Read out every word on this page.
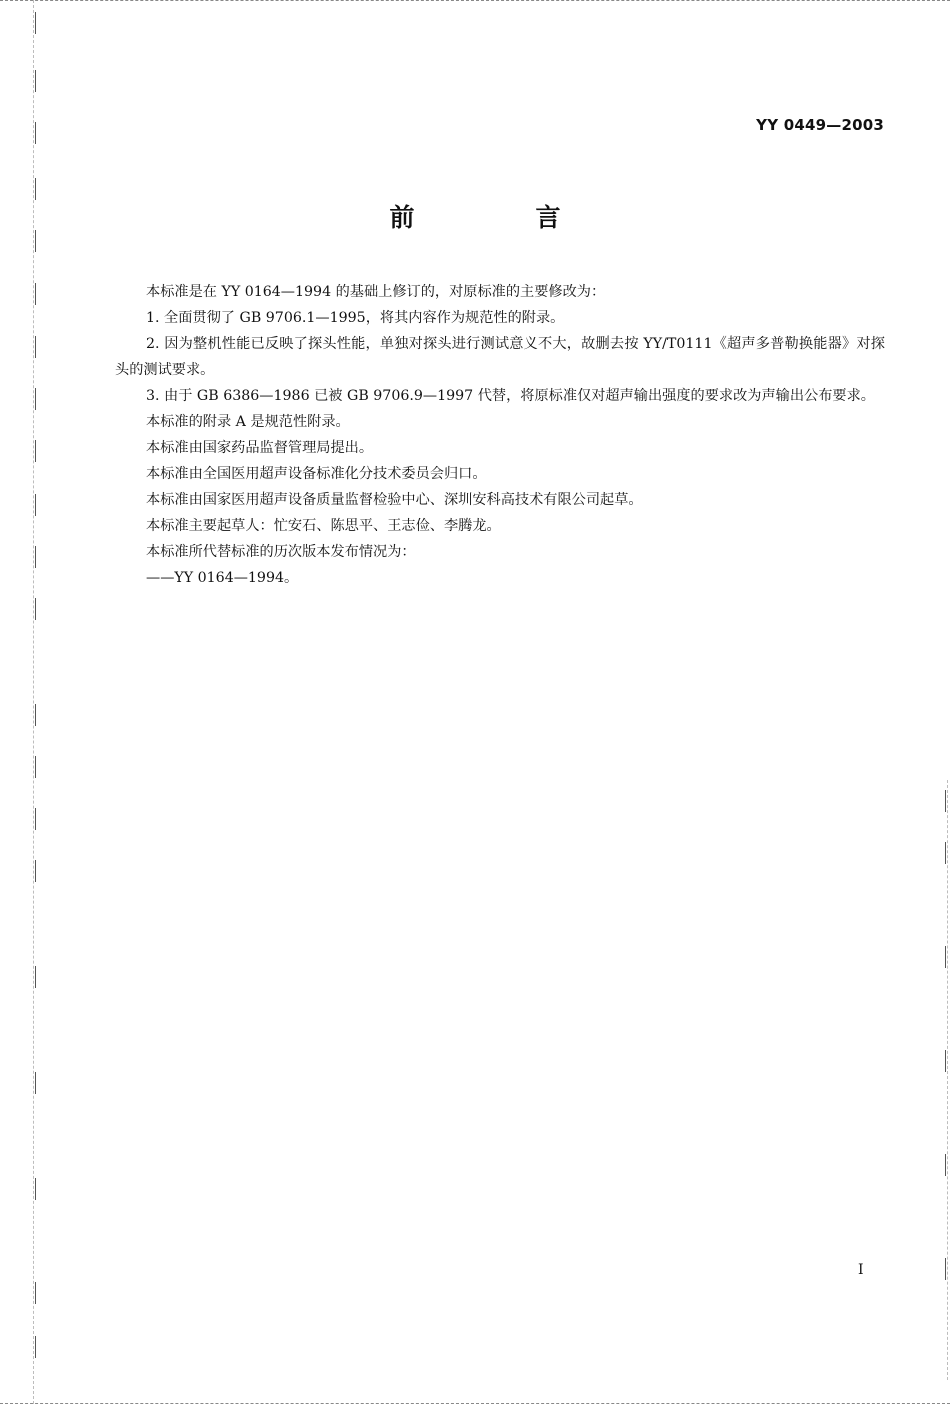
YY 0449—2003
前　言

本标准是在 YY 0164—1994 的基础上修订的，对原标准的主要修改为：

1. 全面贯彻了 GB 9706.1—1995，将其内容作为规范性的附录。

2. 因为整机性能已反映了探头性能，单独对探头进行测试意义不大，故删去按 YY/T0111《超声多普勒换能器》对探头的测试要求。

3. 由于 GB 6386—1986 已被 GB 9706.9—1997 代替，将原标准仅对超声输出强度的要求改为声输出公布要求。

本标准的附录 A 是规范性附录。

本标准由国家药品监督管理局提出。

本标准由全国医用超声设备标准化分技术委员会归口。

本标准由国家医用超声设备质量监督检验中心、深圳安科高技术有限公司起草。

本标准主要起草人：忙安石、陈思平、王志俭、李腾龙。

本标准所代替标准的历次版本发布情况为：

——YY 0164—1994。

I
